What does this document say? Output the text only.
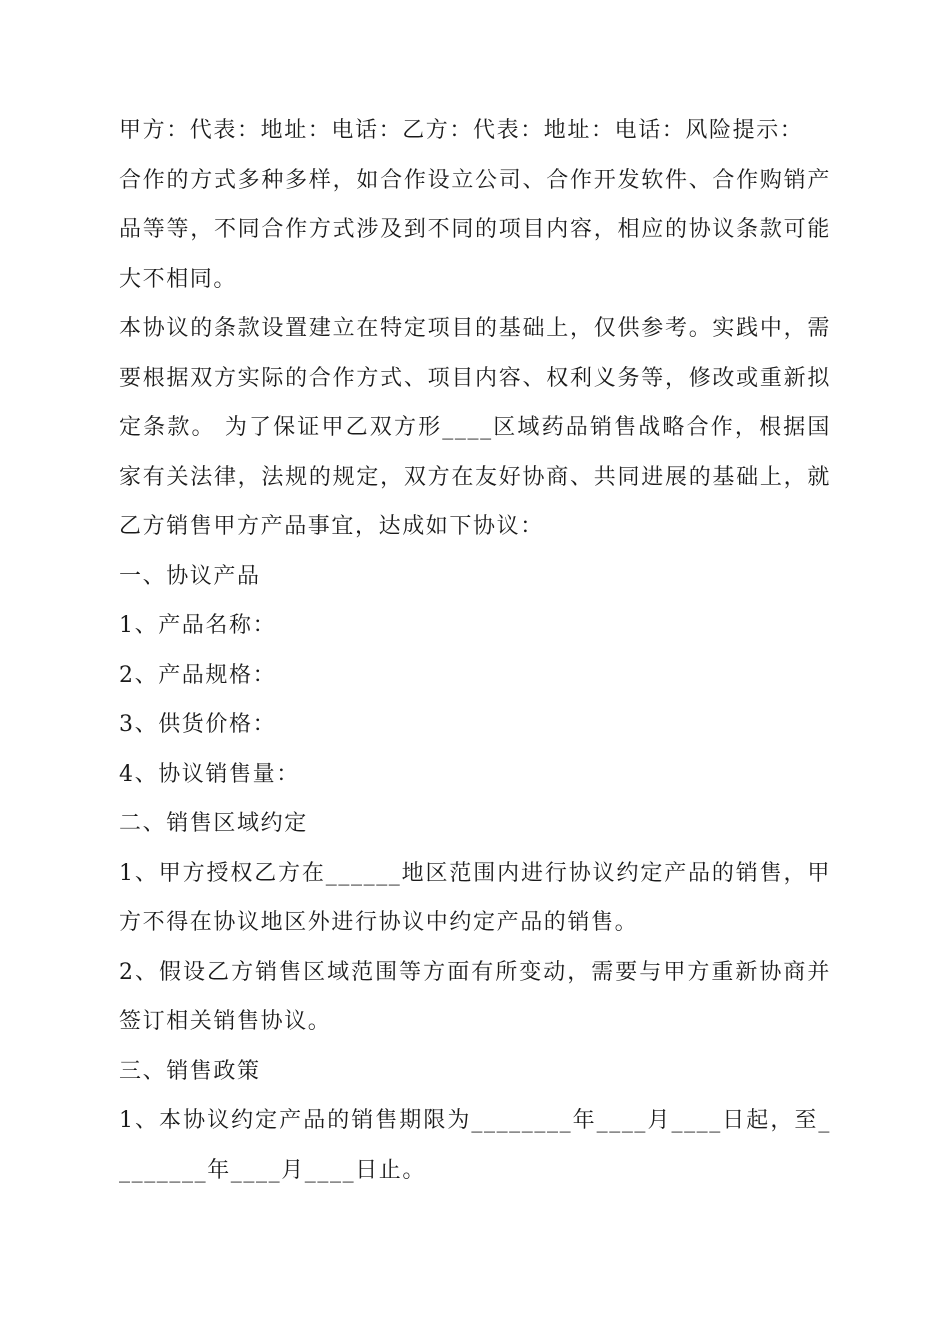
甲方：代表：地址：电话：乙方：代表：地址：电话：风险提示：

合作的方式多种多样，如合作设立公司、合作开发软件、合作购销产品等等，不同合作方式涉及到不同的项目内容，相应的协议条款可能大不相同。

本协议的条款设置建立在特定项目的基础上，仅供参考。实践中，需要根据双方实际的合作方式、项目内容、权利义务等，修改或重新拟定条款。 为了保证甲乙双方形____区域药品销售战略合作，根据国家有关法律，法规的规定，双方在友好协商、共同进展的基础上，就乙方销售甲方产品事宜，达成如下协议：

一、协议产品

1、产品名称：

2、产品规格：

3、供货价格：

4、协议销售量：

二、销售区域约定

1、甲方授权乙方在______地区范围内进行协议约定产品的销售，甲方不得在协议地区外进行协议中约定产品的销售。

2、假设乙方销售区域范围等方面有所变动，需要与甲方重新协商并签订相关销售协议。

三、销售政策

1、本协议约定产品的销售期限为________年____月____日起，至________年____月____日止。
